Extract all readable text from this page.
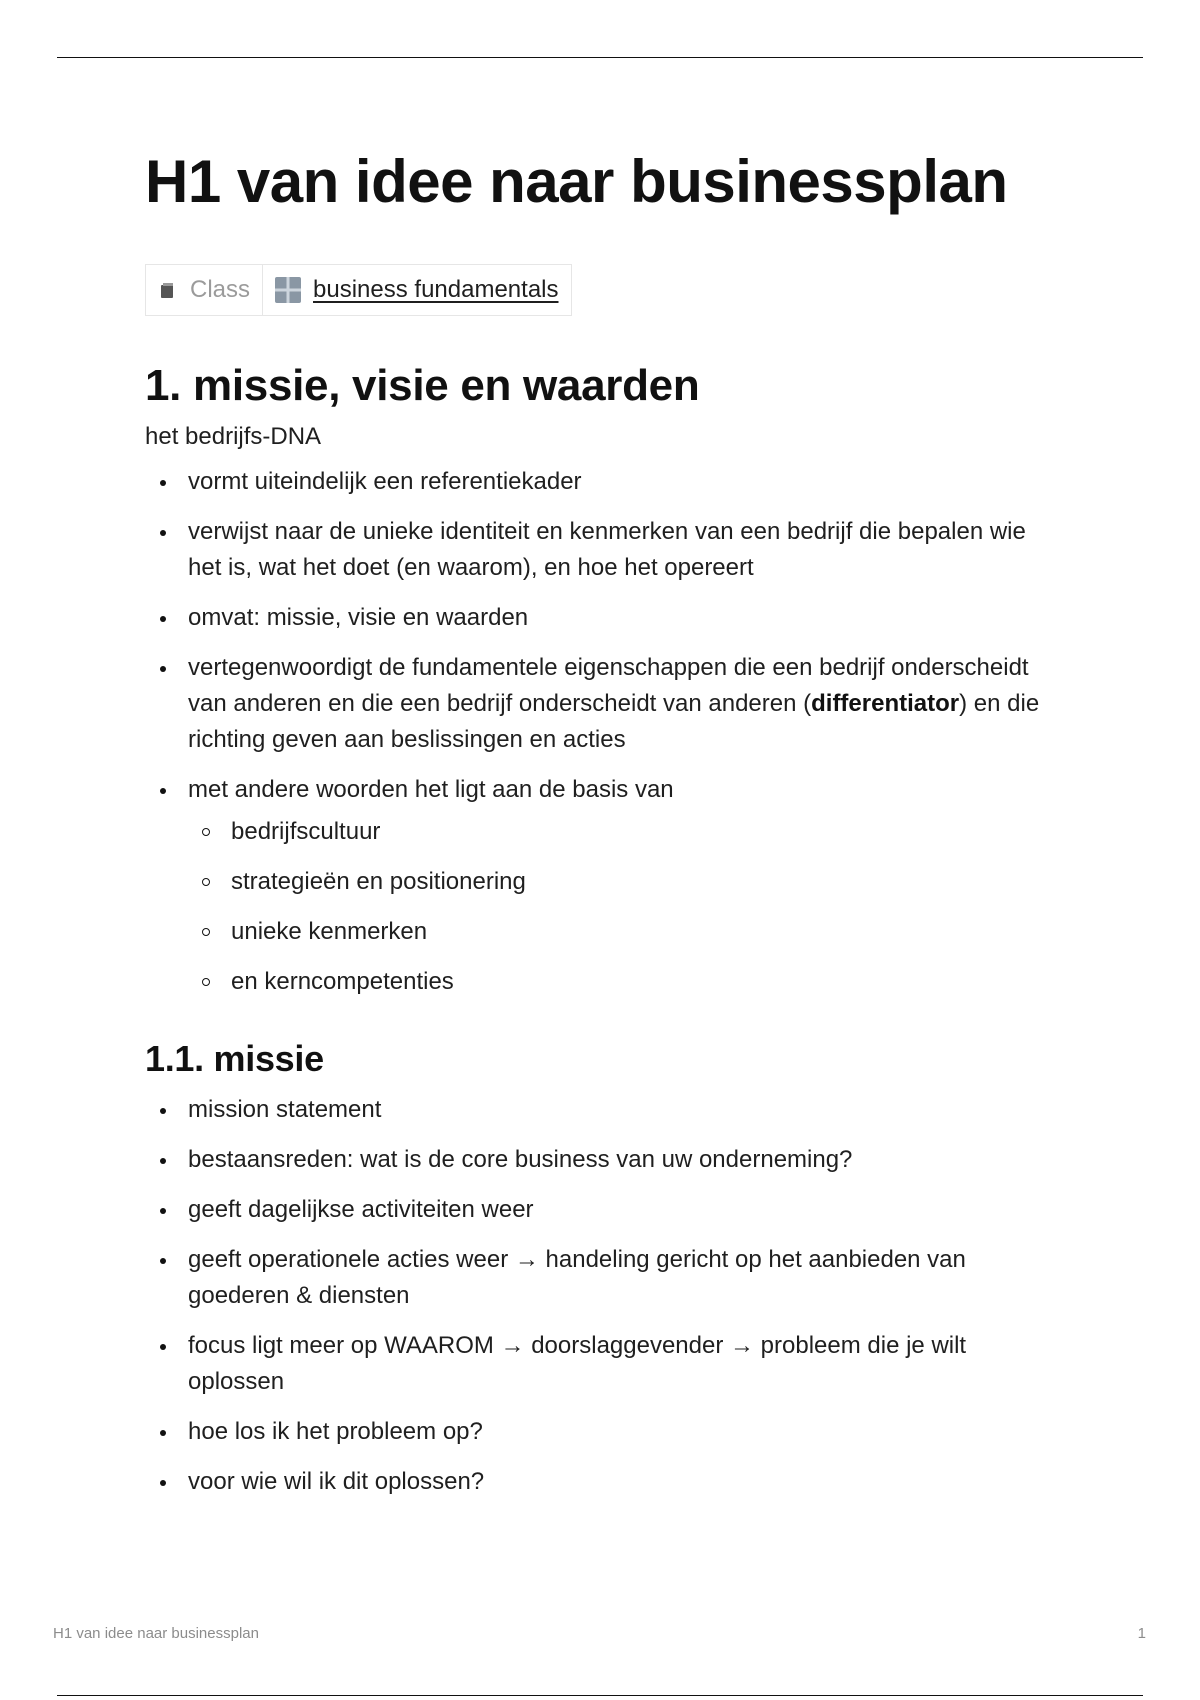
H1 van idee naar businessplan
Class	business fundamentals
1. missie, visie en waarden

het bedrijfs-DNA

vormt uiteindelijk een referentiekader
verwijst naar de unieke identiteit en kenmerken van een bedrijf die bepalen wie het is, wat het doet (en waarom), en hoe het opereert
omvat: missie, visie en waarden
vertegenwoordigt de fundamentele eigenschappen die een bedrijf onderscheidt van anderen en die een bedrijf onderscheidt van anderen (differentiator) en die richting geven aan beslissingen en acties
met andere woorden het ligt aan de basis van
bedrijfscultuur
strategieën en positionering
unieke kenmerken
en kerncompetenties
1.1. missie
mission statement
bestaansreden: wat is de core business van uw onderneming?
geeft dagelijkse activiteiten weer
geeft operationele acties weer → handeling gericht op het aanbieden van goederen & diensten
focus ligt meer op WAAROM → doorslaggevender → probleem die je wilt oplossen
hoe los ik het probleem op?
voor wie wil ik dit oplossen?
H1 van idee naar businessplan	1
